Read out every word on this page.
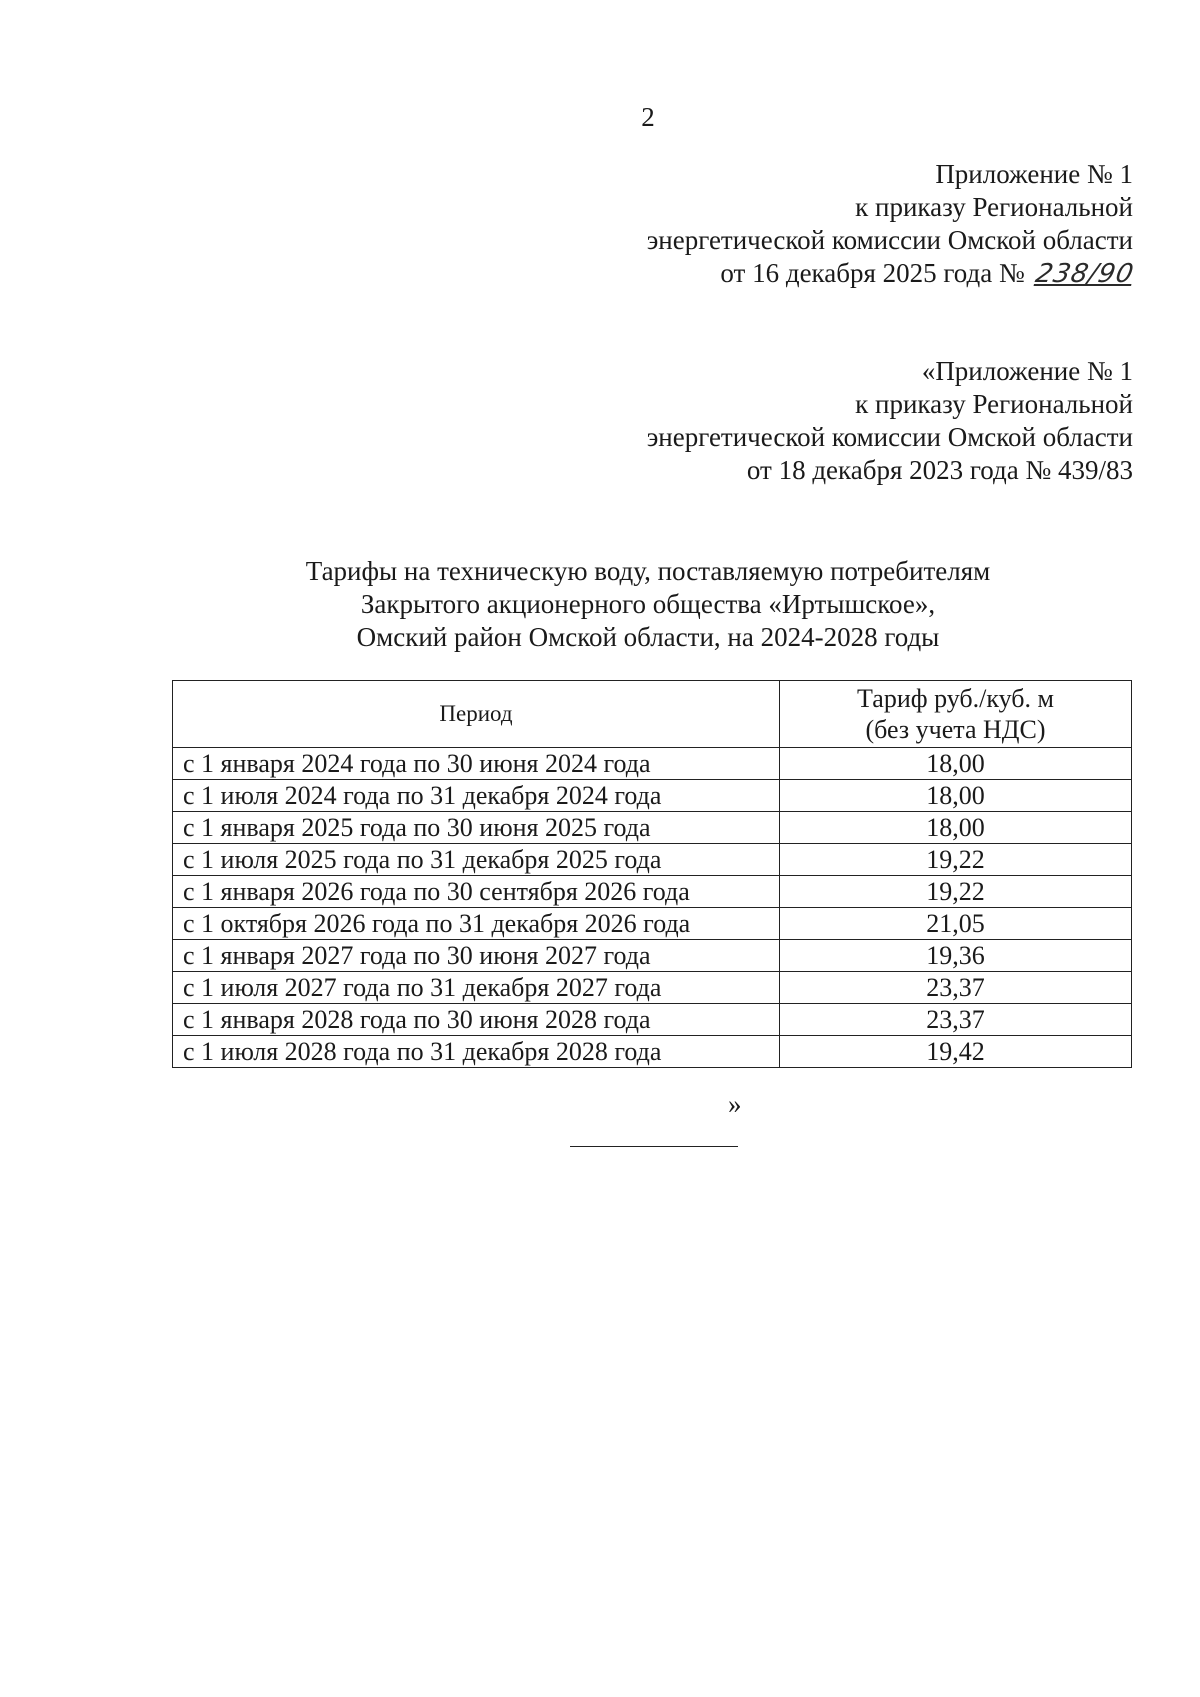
2
Приложение № 1
к приказу Региональной
энергетической комиссии Омской области
от 16 декабря 2025 года № 238/90
«Приложение № 1
к приказу Региональной
энергетической комиссии Омской области
от 18 декабря 2023 года № 439/83
Тарифы на техническую воду, поставляемую потребителям
Закрытого акционерного общества «Иртышское»,
Омский район Омской области, на 2024-2028 годы
Период	Тариф руб./куб. м
(без учета НДС)

с 1 января 2024 года по 30 июня 2024 года	18,00
с 1 июля 2024 года по 31 декабря 2024 года	18,00
с 1 января 2025 года по 30 июня 2025 года	18,00
с 1 июля 2025 года по 31 декабря 2025 года	19,22
с 1 января 2026 года по 30 сентября 2026 года	19,22
с 1 октября 2026 года по 31 декабря 2026 года	21,05
с 1 января 2027 года по 30 июня 2027 года	19,36
с 1 июля 2027 года по 31 декабря 2027 года	23,37
с 1 января 2028 года по 30 июня 2028 года	23,37
с 1 июля 2028 года по 31 декабря 2028 года	19,42
»
